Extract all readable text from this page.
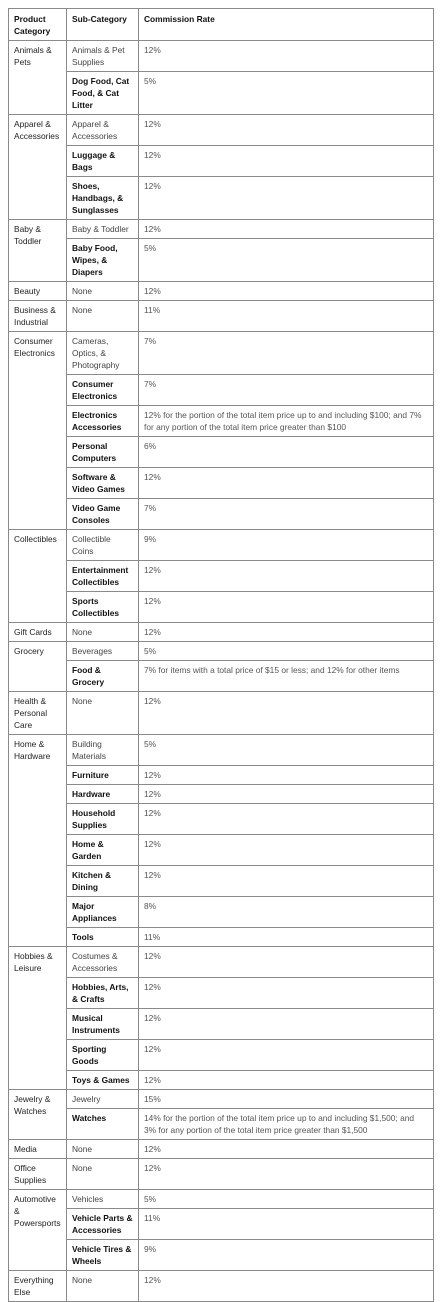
Product Category	Sub-Category	Commission Rate
Animals & Pets	Animals & Pet Supplies	12%
	Dog Food, Cat Food, & Cat Litter	5%
Apparel & Accessories	Apparel & Accessories	12%
	Luggage & Bags	12%
	Shoes, Handbags, & Sunglasses	12%
Baby & Toddler	Baby & Toddler	12%
	Baby Food, Wipes, & Diapers	5%
Beauty	None	12%
Business & Industrial	None	11%
Consumer Electronics	Cameras, Optics, & Photography	7%
	Consumer Electronics	7%
	Electronics Accessories	12% for the portion of the total item price up to and including $100; and 7% for any portion of the total item price greater than $100
	Personal Computers	6%
	Software & Video Games	12%
	Video Game Consoles	7%
Collectibles	Collectible Coins	9%
	Entertainment Collectibles	12%
	Sports Collectibles	12%
Gift Cards	None	12%
Grocery	Beverages	5%
	Food & Grocery	7% for items with a total price of $15 or less; and 12% for other items
Health & Personal Care	None	12%
Home & Hardware	Building Materials	5%
	Furniture	12%
	Hardware	12%
	Household Supplies	12%
	Home & Garden	12%
	Kitchen & Dining	12%
	Major Appliances	8%
	Tools	11%
Hobbies & Leisure	Costumes & Accessories	12%
	Hobbies, Arts, & Crafts	12%
	Musical Instruments	12%
	Sporting Goods	12%
	Toys & Games	12%
Jewelry & Watches	Jewelry	15%
	Watches	14% for the portion of the total item price up to and including $1,500; and 3% for any portion of the total item price greater than $1,500
Media	None	12%
Office Supplies	None	12%
Automotive & Powersports	Vehicles	5%
	Vehicle Parts & Accessories	11%
	Vehicle Tires & Wheels	9%
Everything Else	None	12%
